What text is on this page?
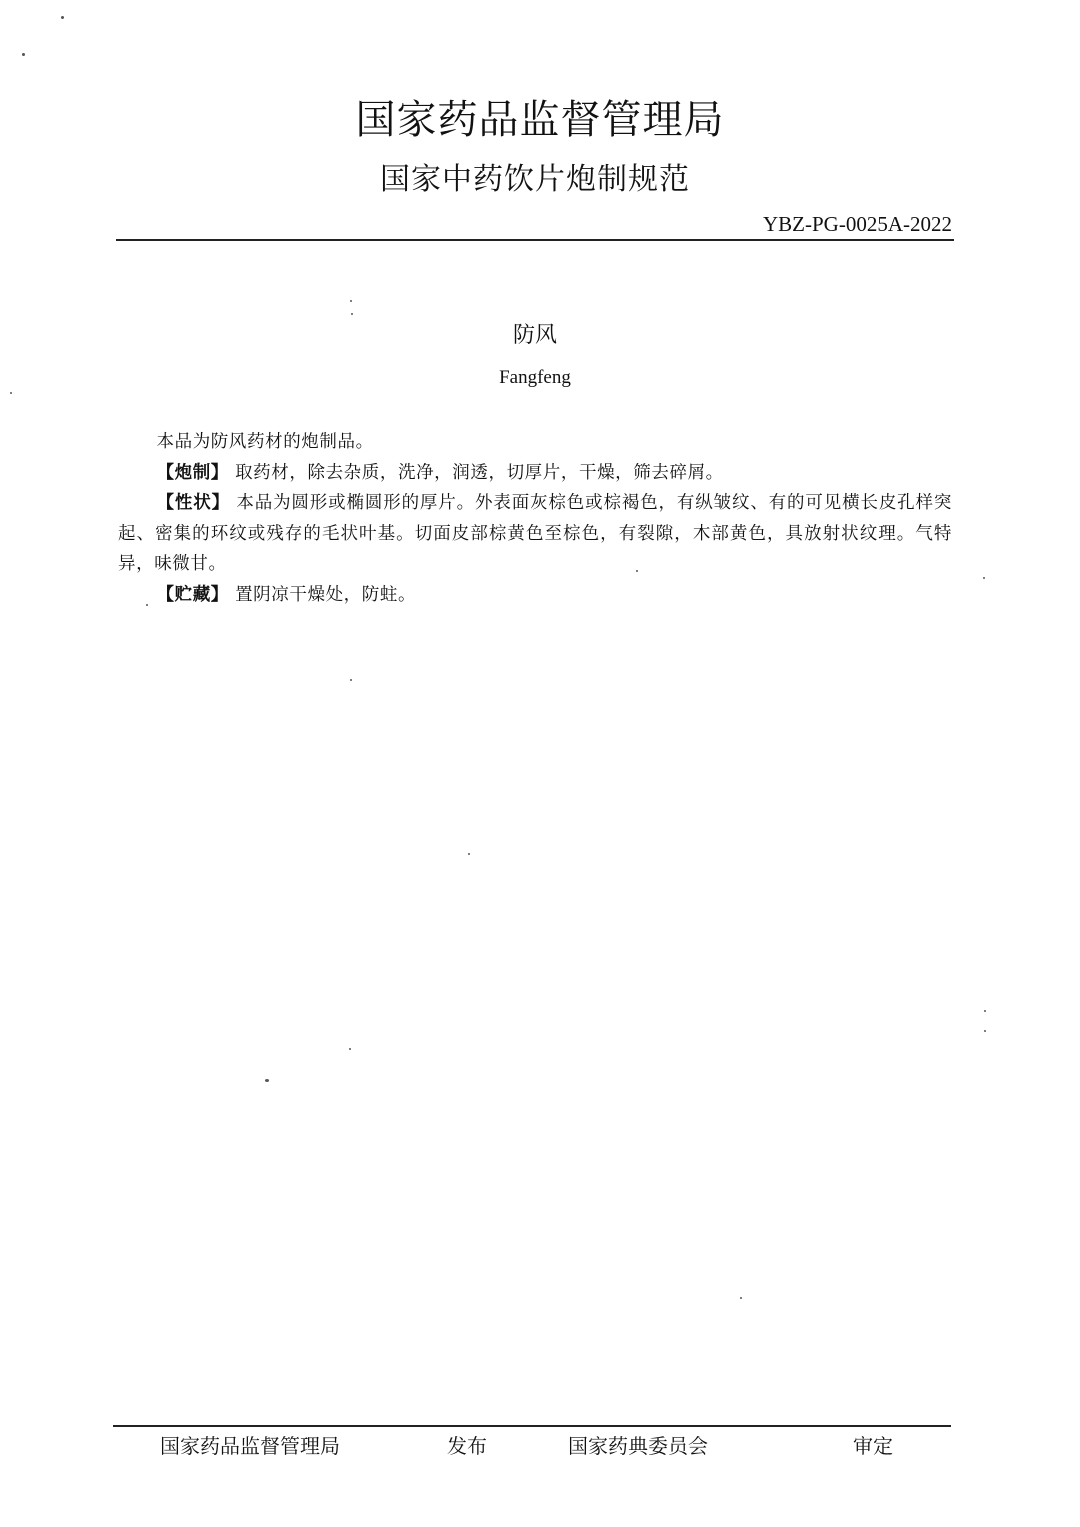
国家药品监督管理局
国家中药饮片炮制规范
YBZ-PG-0025A-2022
防风
Fangfeng

本品为防风药材的炮制品。

【炮制】 取药材，除去杂质，洗净，润透，切厚片，干燥，筛去碎屑。

【性状】 本品为圆形或椭圆形的厚片。外表面灰棕色或棕褐色，有纵皱纹、有的可见横长皮孔样突起、密集的环纹或残存的毛状叶基。切面皮部棕黄色至棕色，有裂隙，木部黄色，具放射状纹理。气特异，味微甘。

【贮藏】 置阴凉干燥处，防蛀。

国家药品监督管理局	发布	国家药典委员会	审定
